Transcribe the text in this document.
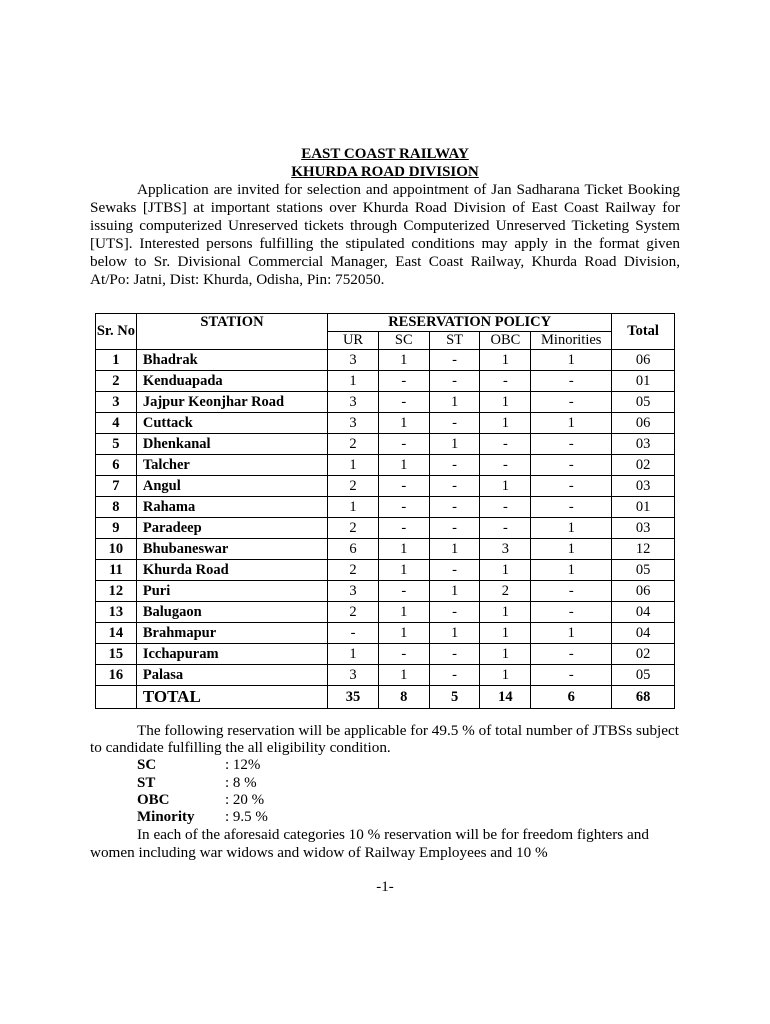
EAST COAST RAILWAY
KHURDA ROAD DIVISION

Application are invited for selection and appointment of Jan Sadharana Ticket Booking Sewaks [JTBS] at important stations over Khurda Road Division of East Coast Railway for issuing computerized Unreserved tickets through Computerized Unreserved Ticketing System [UTS]. Interested persons fulfilling the stipulated conditions may apply in the format given below to Sr. Divisional Commercial Manager, East Coast Railway, Khurda Road Division, At/Po: Jatni, Dist: Khurda, Odisha, Pin: 752050.

Sr. No	STATION	RESERVATION POLICY					Total
		UR	SC	ST	OBC	Minorities	
1	Bhadrak	3	1	-	1	1	06
2	Kenduapada	1	-	-	-	-	01
3	Jajpur Keonjhar Road	3	-	1	1	-	05
4	Cuttack	3	1	-	1	1	06
5	Dhenkanal	2	-	1	-	-	03
6	Talcher	1	1	-	-	-	02
7	Angul	2	-	-	1	-	03
8	Rahama	1	-	-	-	-	01
9	Paradeep	2	-	-	-	1	03
10	Bhubaneswar	6	1	1	3	1	12
11	Khurda Road	2	1	-	1	1	05
12	Puri	3	-	1	2	-	06
13	Balugaon	2	1	-	1	-	04
14	Brahmapur	-	1	1	1	1	04
15	Icchapuram	1	-	-	1	-	02
16	Palasa	3	1	-	1	-	05
	TOTAL	35	8	5	14	6	68

The following reservation will be applicable for 49.5 % of total number of JTBSs subject to candidate fulfilling the all eligibility condition.

SC	: 12%
ST	: 8 %
OBC	: 20 %
Minority : 9.5 %

In each of the aforesaid categories 10 % reservation will be for freedom fighters and women including war widows and widow of Railway Employees and 10 %

-1-
